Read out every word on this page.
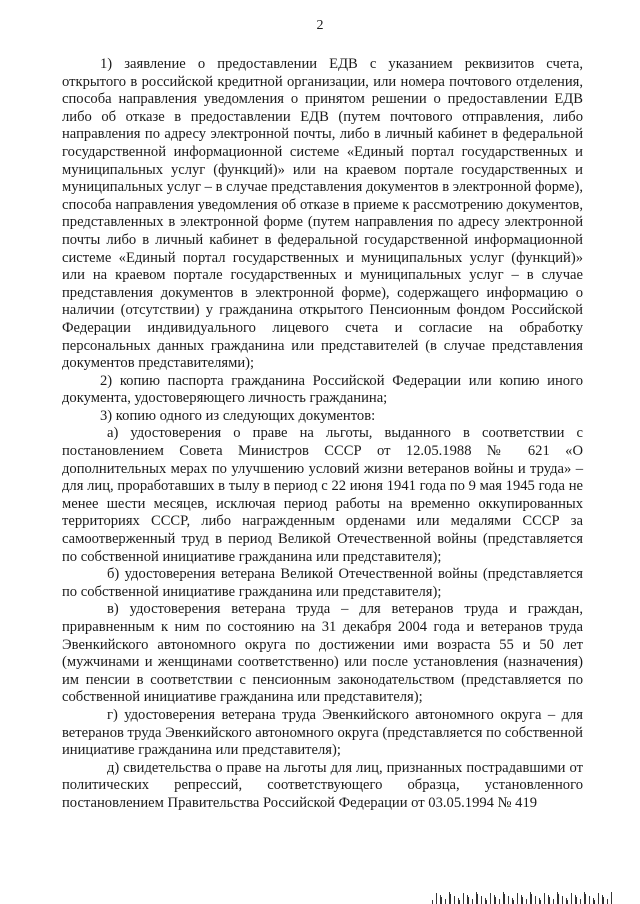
2

1) заявление о предоставлении ЕДВ с указанием реквизитов счета, открытого в российской кредитной организации, или номера почтового отделения, способа направления уведомления о принятом решении о предоставлении ЕДВ либо об отказе в предоставлении ЕДВ (путем почтового отправления, либо направления по адресу электронной почты, либо в личный кабинет в федеральной государственной информационной системе «Единый портал государственных и муниципальных услуг (функций)» или на краевом портале государственных и муниципальных услуг – в случае представления документов в электронной форме), способа направления уведомления об отказе в приеме к рассмотрению документов, представленных в электронной форме (путем направления по адресу электронной почты либо в личный кабинет в федеральной государственной информационной системе «Единый портал государственных и муниципальных услуг (функций)» или на краевом портале государственных и муниципальных услуг – в случае представления документов в электронной форме), содержащего информацию о наличии (отсутствии) у гражданина открытого Пенсионным фондом Российской Федерации индивидуального лицевого счета и согласие на обработку персональных данных гражданина или представителей (в случае представления документов представителями);

2) копию паспорта гражданина Российской Федерации или копию иного документа, удостоверяющего личность гражданина;

3) копию одного из следующих документов:

а) удостоверения о праве на льготы, выданного в соответствии с постановлением Совета Министров СССР от 12.05.1988 № 621 «О дополнительных мерах по улучшению условий жизни ветеранов войны и труда» – для лиц, проработавших в тылу в период с 22 июня 1941 года по 9 мая 1945 года не менее шести месяцев, исключая период работы на временно оккупированных территориях СССР, либо награжденным орденами или медалями СССР за самоотверженный труд в период Великой Отечественной войны (представляется по собственной инициативе гражданина или представителя);

б) удостоверения ветерана Великой Отечественной войны (представляется по собственной инициативе гражданина или представителя);

в) удостоверения ветерана труда – для ветеранов труда и граждан, приравненным к ним по состоянию на 31 декабря 2004 года и ветеранов труда Эвенкийского автономного округа по достижении ими возраста 55 и 50 лет (мужчинами и женщинами соответственно) или после установления (назначения) им пенсии в соответствии с пенсионным законодательством (представляется по собственной инициативе гражданина или представителя);

г) удостоверения ветерана труда Эвенкийского автономного округа – для ветеранов труда Эвенкийского автономного округа (представляется по собственной инициативе гражданина или представителя);

д) свидетельства о праве на льготы для лиц, признанных пострадавшими от политических репрессий, соответствующего образца, установленного постановлением Правительства Российской Федерации от 03.05.1994 № 419
